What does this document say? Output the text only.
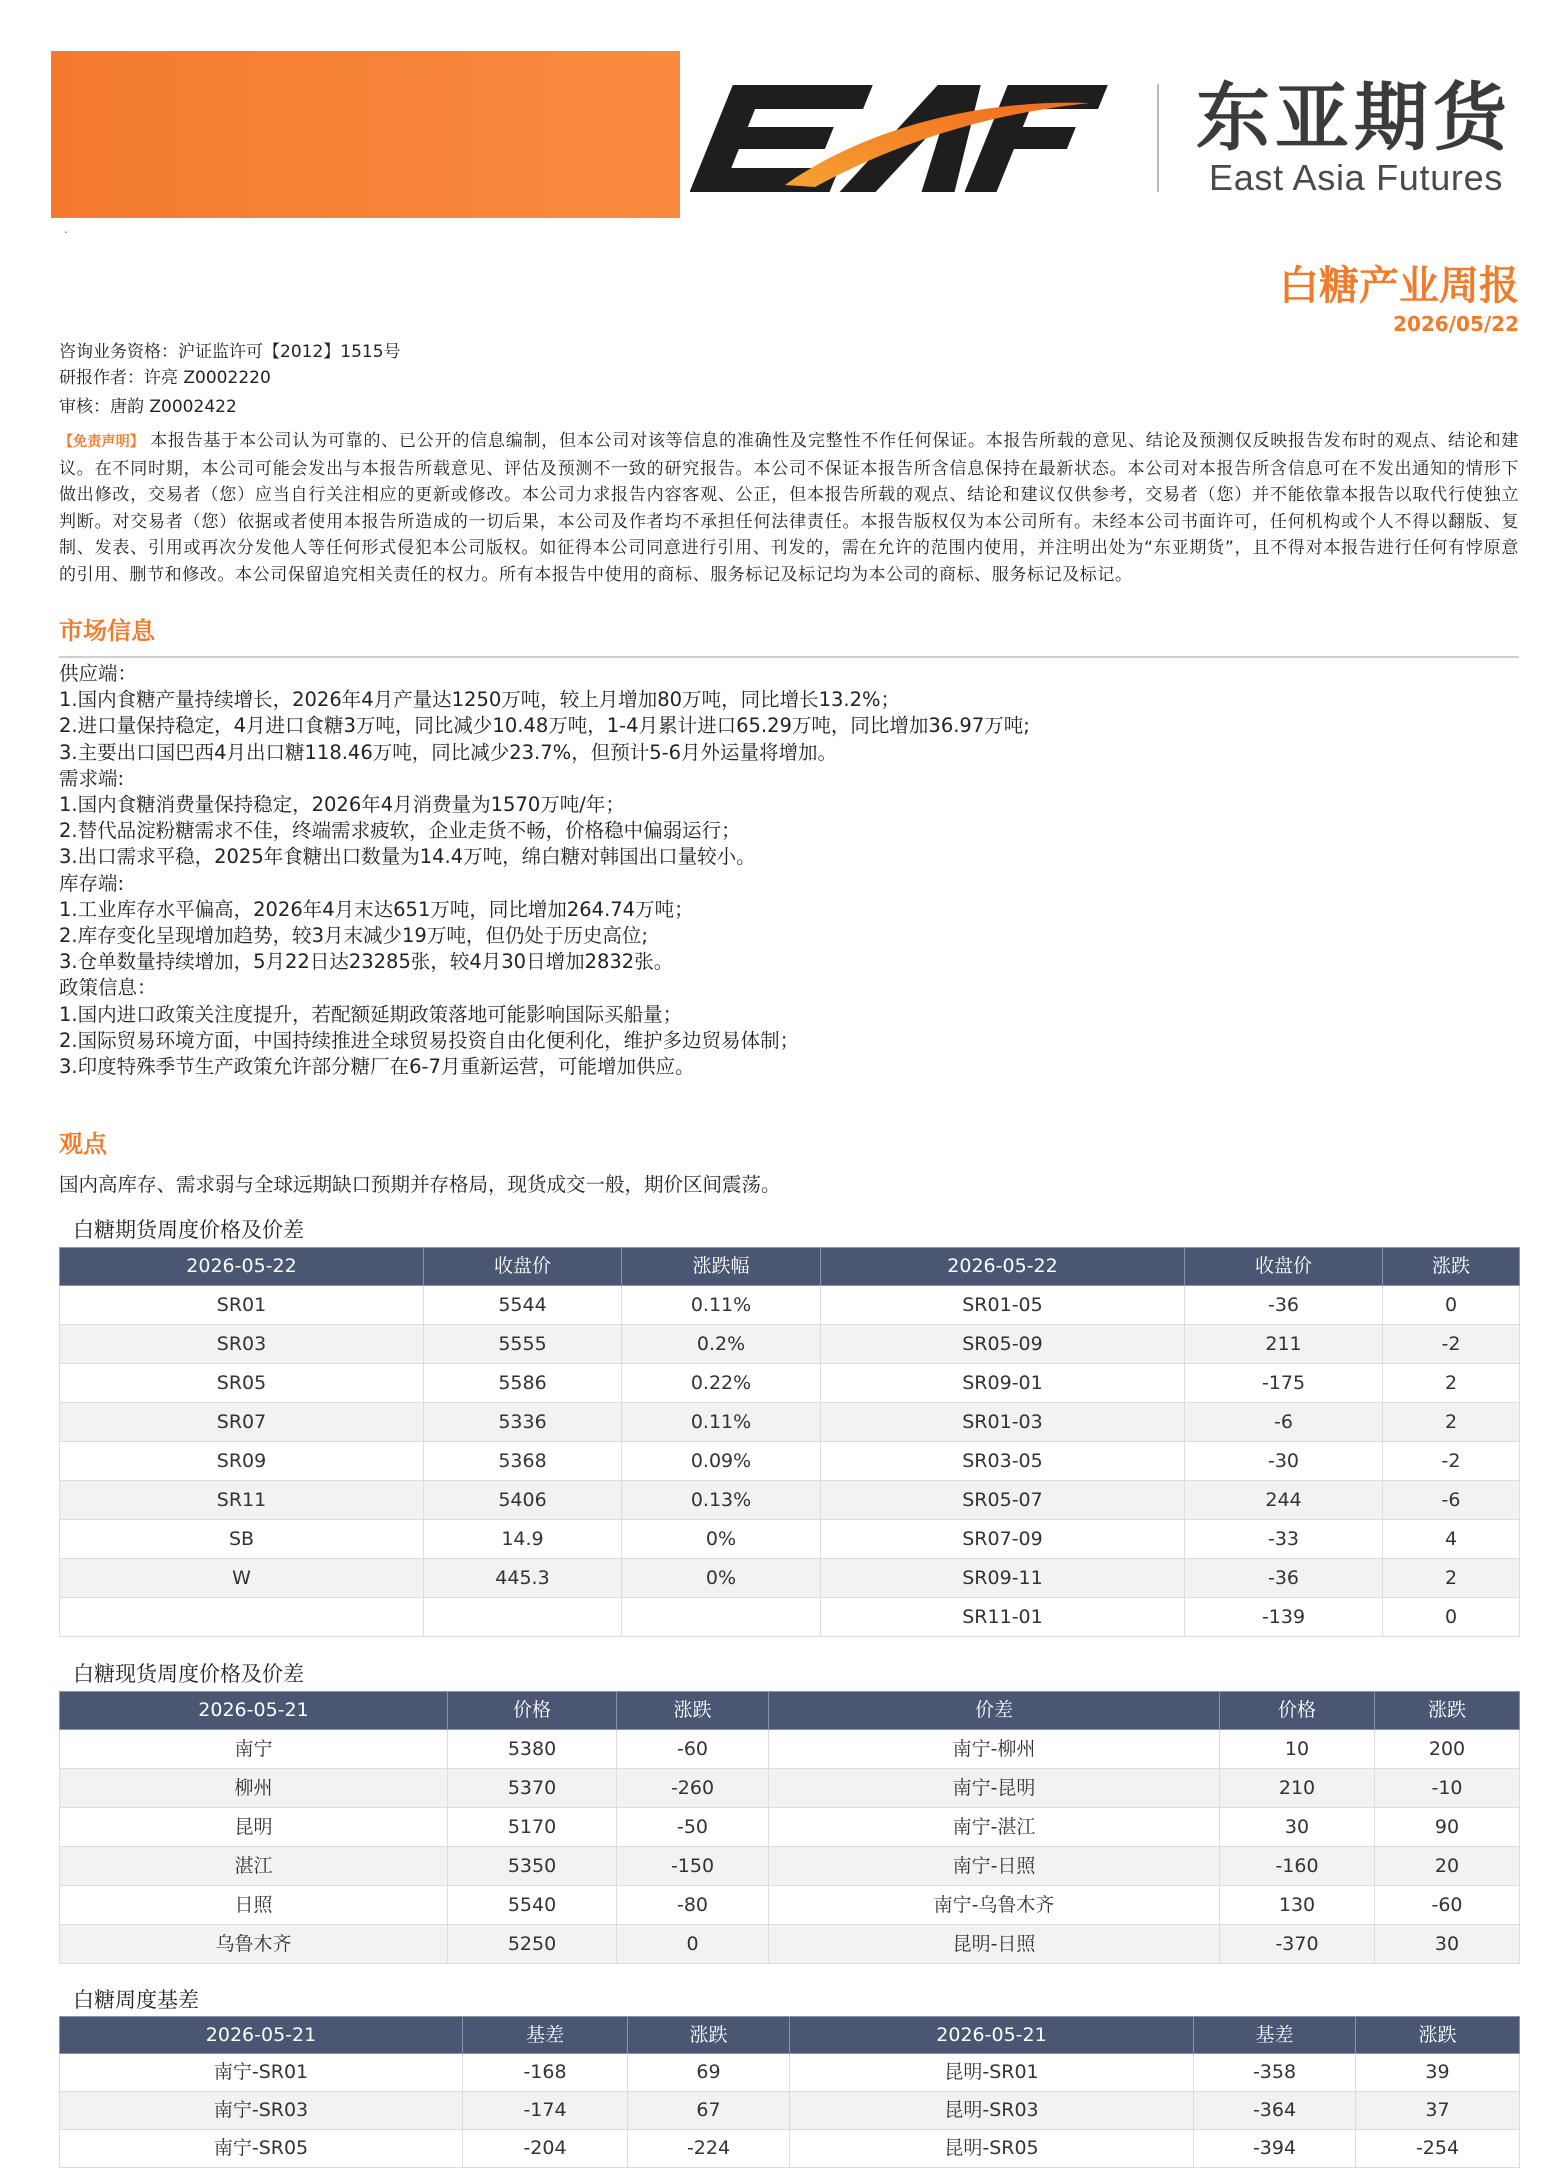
东亚期货
East Asia Futures
.
白糖产业周报
2026/05/22
咨询业务资格：沪证监许可【2012】1515号
研报作者：许亮 Z0002220
审核：唐韵 Z0002422
【免责声明】 本报告基于本公司认为可靠的、已公开的信息编制，但本公司对该等信息的准确性及完整性不作任何保证。本报告所载的意见、结论及预测仅反映报告发布时的观点、结论和建议。在不同时期，本公司可能会发出与本报告所载意见、评估及预测不一致的研究报告。本公司不保证本报告所含信息保持在最新状态。本公司对本报告所含信息可在不发出通知的情形下做出修改，交易者（您）应当自行关注相应的更新或修改。本公司力求报告内容客观、公正，但本报告所载的观点、结论和建议仅供参考，交易者（您）并不能依靠本报告以取代行使独立判断。对交易者（您）依据或者使用本报告所造成的一切后果，本公司及作者均不承担任何法律责任。本报告版权仅为本公司所有。未经本公司书面许可，任何机构或个人不得以翻版、复制、发表、引用或再次分发他人等任何形式侵犯本公司版权。如征得本公司同意进行引用、刊发的，需在允许的范围内使用，并注明出处为“东亚期货”，且不得对本报告进行任何有悖原意的引用、删节和修改。本公司保留追究相关责任的权力。所有本报告中使用的商标、服务标记及标记均为本公司的商标、服务标记及标记。
市场信息
供应端：
1.国内食糖产量持续增长，2026年4月产量达1250万吨，较上月增加80万吨，同比增长13.2%；
2.进口量保持稳定，4月进口食糖3万吨，同比减少10.48万吨，1-4月累计进口65.29万吨，同比增加36.97万吨;
3.主要出口国巴西4月出口糖118.46万吨，同比减少23.7%，但预计5-6月外运量将增加。
需求端:
1.国内食糖消费量保持稳定，2026年4月消费量为1570万吨/年；
2.替代品淀粉糖需求不佳，终端需求疲软，企业走货不畅，价格稳中偏弱运行；
3.出口需求平稳，2025年食糖出口数量为14.4万吨，绵白糖对韩国出口量较小。
库存端:
1.工业库存水平偏高，2026年4月末达651万吨，同比增加264.74万吨；
2.库存变化呈现增加趋势，较3月末减少19万吨，但仍处于历史高位;
3.仓单数量持续增加，5月22日达23285张，较4月30日增加2832张。
政策信息：
1.国内进口政策关注度提升，若配额延期政策落地可能影响国际买船量；
2.国际贸易环境方面，中国持续推进全球贸易投资自由化便利化，维护多边贸易体制；
3.印度特殊季节生产政策允许部分糖厂在6-7月重新运营，可能增加供应。
观点
国内高库存、需求弱与全球远期缺口预期并存格局，现货成交一般，期价区间震荡。
白糖期货周度价格及价差
2026-05-22	收盘价	涨跌幅	2026-05-22	收盘价	涨跌
SR01	5544	0.11%	SR01-05	-36	0
SR03	5555	0.2%	SR05-09	211	-2
SR05	5586	0.22%	SR09-01	-175	2
SR07	5336	0.11%	SR01-03	-6	2
SR09	5368	0.09%	SR03-05	-30	-2
SR11	5406	0.13%	SR05-07	244	-6
SB	14.9	0%	SR07-09	-33	4
W	445.3	0%	SR09-11	-36	2
			SR11-01	-139	0
白糖现货周度价格及价差
2026-05-21	价格	涨跌	价差	价格	涨跌
南宁	5380	-60	南宁-柳州	10	200
柳州	5370	-260	南宁-昆明	210	-10
昆明	5170	-50	南宁-湛江	30	90
湛江	5350	-150	南宁-日照	-160	20
日照	5540	-80	南宁-乌鲁木齐	130	-60
乌鲁木齐	5250	0	昆明-日照	-370	30
白糖周度基差
2026-05-21	基差	涨跌	2026-05-21	基差	涨跌
南宁-SR01	-168	69	昆明-SR01	-358	39
南宁-SR03	-174	67	昆明-SR03	-364	37
南宁-SR05	-204	-224	昆明-SR05	-394	-254
